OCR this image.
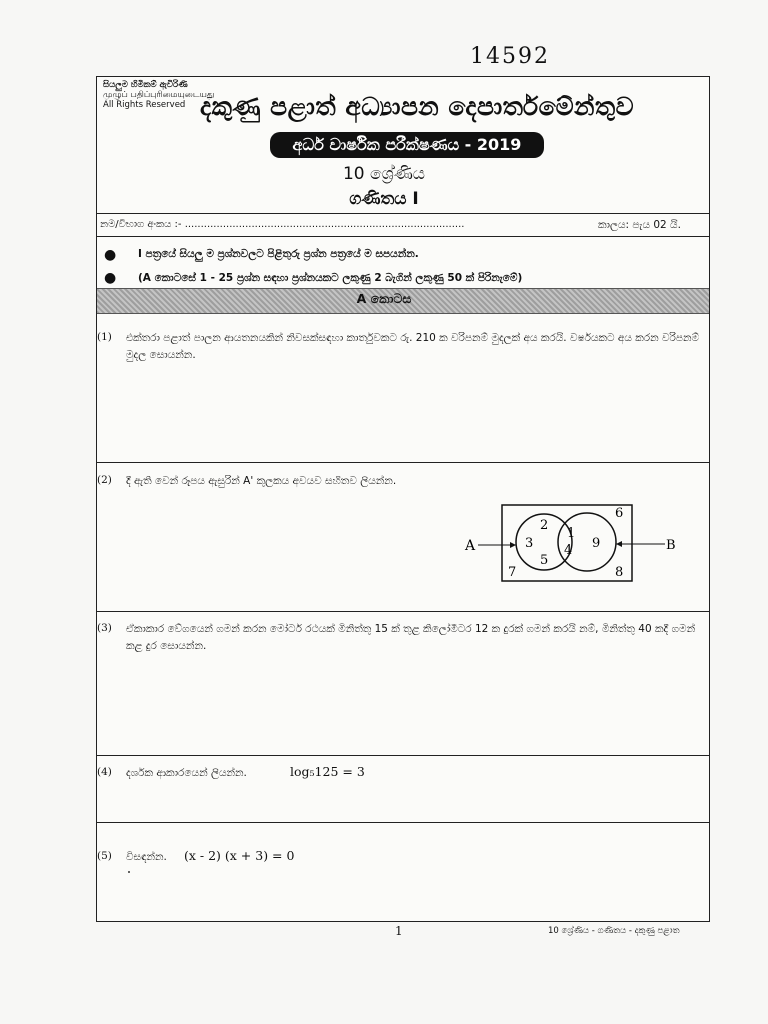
14592
සියලුම හිමිකම් ඇවිරිණි
முழுப் பதிப்புரிமையுடையது
All Rights Reserved දකුණු පළාත් අධ්‍යාපන දෙපාර්තමේන්තුව
අර්ධ වාර්ෂික පරීක්ෂණය - 2019
10 ශ්‍රේණිය
ගණිතය I
නම/විභාග අංකය :- ........................................................................................	කාලය: පැය 02 යි.
● I පත්‍රයේ සියලු ම ප්‍රශ්නවලට පිළිතුරු ප්‍රශ්න පත්‍රයේ ම සපයන්න.
● (A කොටසේ 1 - 25 ප්‍රශ්න සඳහා ප්‍රශ්නයකට ලකුණු 2 බැගින් ලකුණු 50 ක් පිරිනැමේ)
A කොටස
(1) එක්තරා පළාත් පාලන ආයතනයකින් නිවසක්සඳහා කාර්තුවකට රු. 210 ක වරිපනම් මුදලක් අය කරයි. වර්ෂයකට අය කරන වරිපනම් මුදල සොයන්න.
(2) දී ඇති වෙන් රූපය ඇසුරින් A' කුලකය අවයව සහිතව ලියන්න.
A	B
2
3
5
1
4 9
6
7	8
(3) ඒකාකාර වේගයෙන් ගමන් කරන මෝටර් රථයක් මිනිත්තු 15 ක් තුළ කිලෝමීටර 12 ක දුරක් ගමන් කරයි නම්, මිනිත්තු 40 කදී ගමන් කළ දුර සොයන්න.
(4) දර්ශක ආකාරයෙන් ලියන්න.	log₅125 = 3
(5) විසඳන්න.	(x - 2) (x + 3) = 0
1	10 ශ්‍රේණිය - ගණිතය - දකුණු පළාත
